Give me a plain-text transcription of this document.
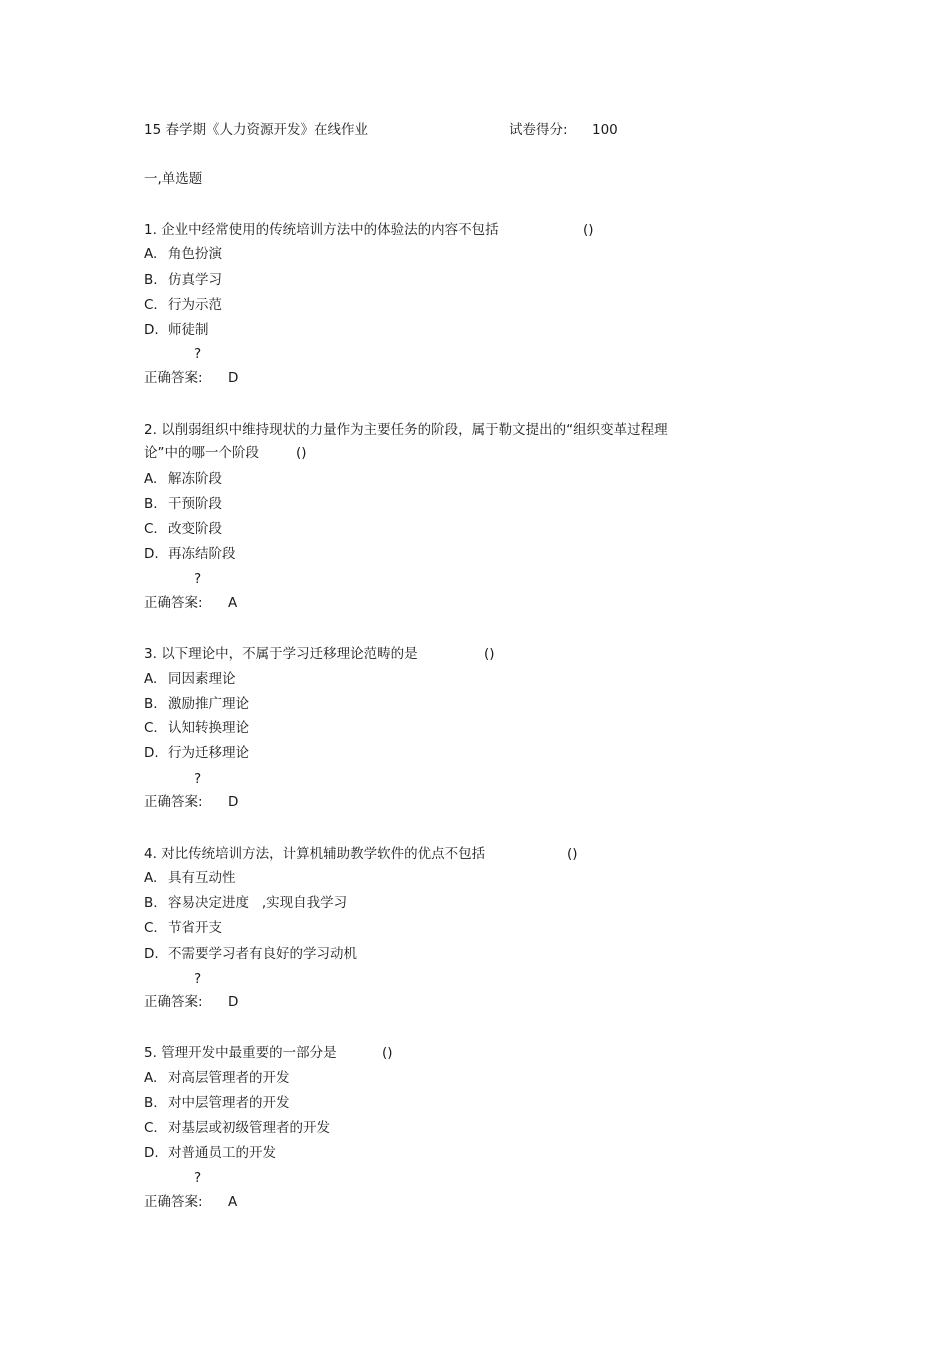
15 春学期《人力资源开发》在线作业	试卷得分: 100
一,单选题
1. 企业中经常使用的传统培训方法中的体验法的内容不包括	()
A. 角色扮演
B. 仿真学习
C. 行为示范
D. 师徒制
?
正确答案: D
2. 以削弱组织中维持现状的力量作为主要任务的阶段，属于勒文提出的“组织变革过程理
论”中的哪一个阶段	()
A. 解冻阶段
B. 干预阶段
C. 改变阶段
D. 再冻结阶段
?
正确答案: A
3. 以下理论中，不属于学习迁移理论范畴的是	()
A. 同因素理论
B. 激励推广理论
C. 认知转换理论
D. 行为迁移理论
?
正确答案: D
4. 对比传统培训方法，计算机辅助教学软件的优点不包括	()
A. 具有互动性
B. 容易决定进度   ,实现自我学习
C. 节省开支
D. 不需要学习者有良好的学习动机
?
正确答案: D
5. 管理开发中最重要的一部分是	()
A. 对高层管理者的开发
B. 对中层管理者的开发
C. 对基层或初级管理者的开发
D. 对普通员工的开发
?
正确答案: A
